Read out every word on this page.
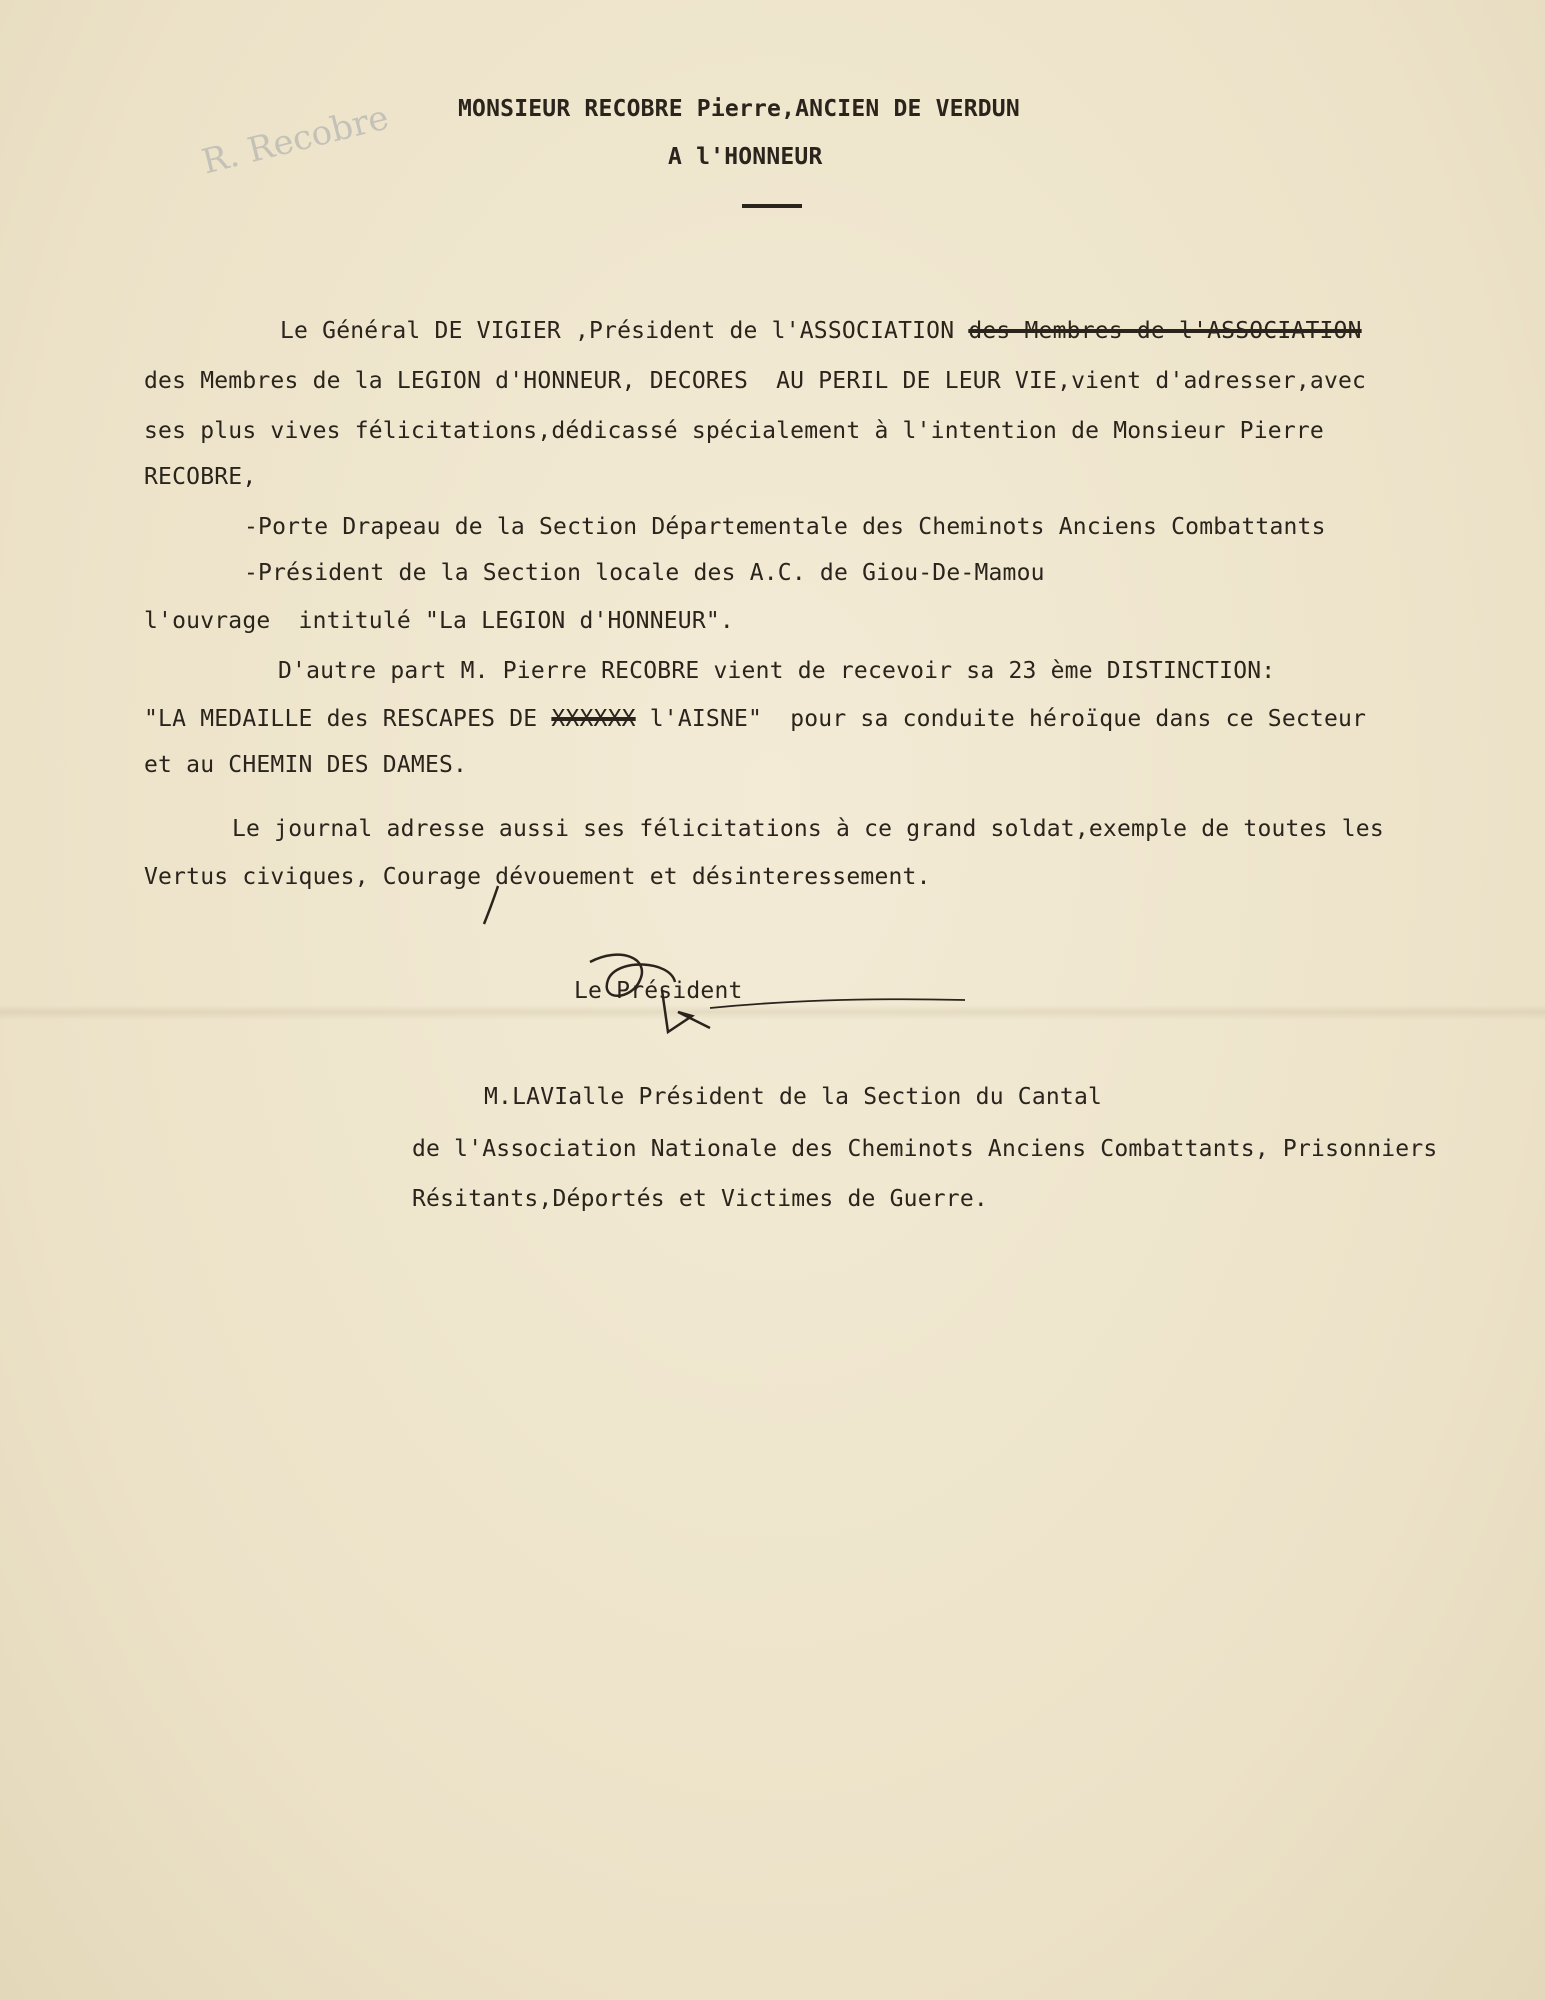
R. Recobre	MONSIEUR RECOBRE Pierre,ANCIEN DE VERDUN
A l'HONNEUR
Le Général DE VIGIER ,Président de l'ASSOCIATION des Membres de l'ASSOCIATION
des Membres de la LEGION d'HONNEUR, DECORES  AU PERIL DE LEUR VIE,vient d'adresser,avec
ses plus vives félicitations,dédicassé spécialement à l'intention de Monsieur Pierre
RECOBRE,
-Porte Drapeau de la Section Départementale des Cheminots Anciens Combattants
-Président de la Section locale des A.C. de Giou-De-Mamou
l'ouvrage  intitulé "La LEGION d'HONNEUR".
D'autre part M. Pierre RECOBRE vient de recevoir sa 23 ème DISTINCTION:
"LA MEDAILLE des RESCAPES DE XXXXXX l'AISNE"  pour sa conduite héroïque dans ce Secteur
et au CHEMIN DES DAMES.
Le journal adresse aussi ses félicitations à ce grand soldat,exemple de toutes les
Vertus civiques, Courage dévouement et désinteressement.
Le Président
M.LAVIalle Président de la Section du Cantal
de l'Association Nationale des Cheminots Anciens Combattants, Prisonniers
Résitants,Déportés et Victimes de Guerre.
